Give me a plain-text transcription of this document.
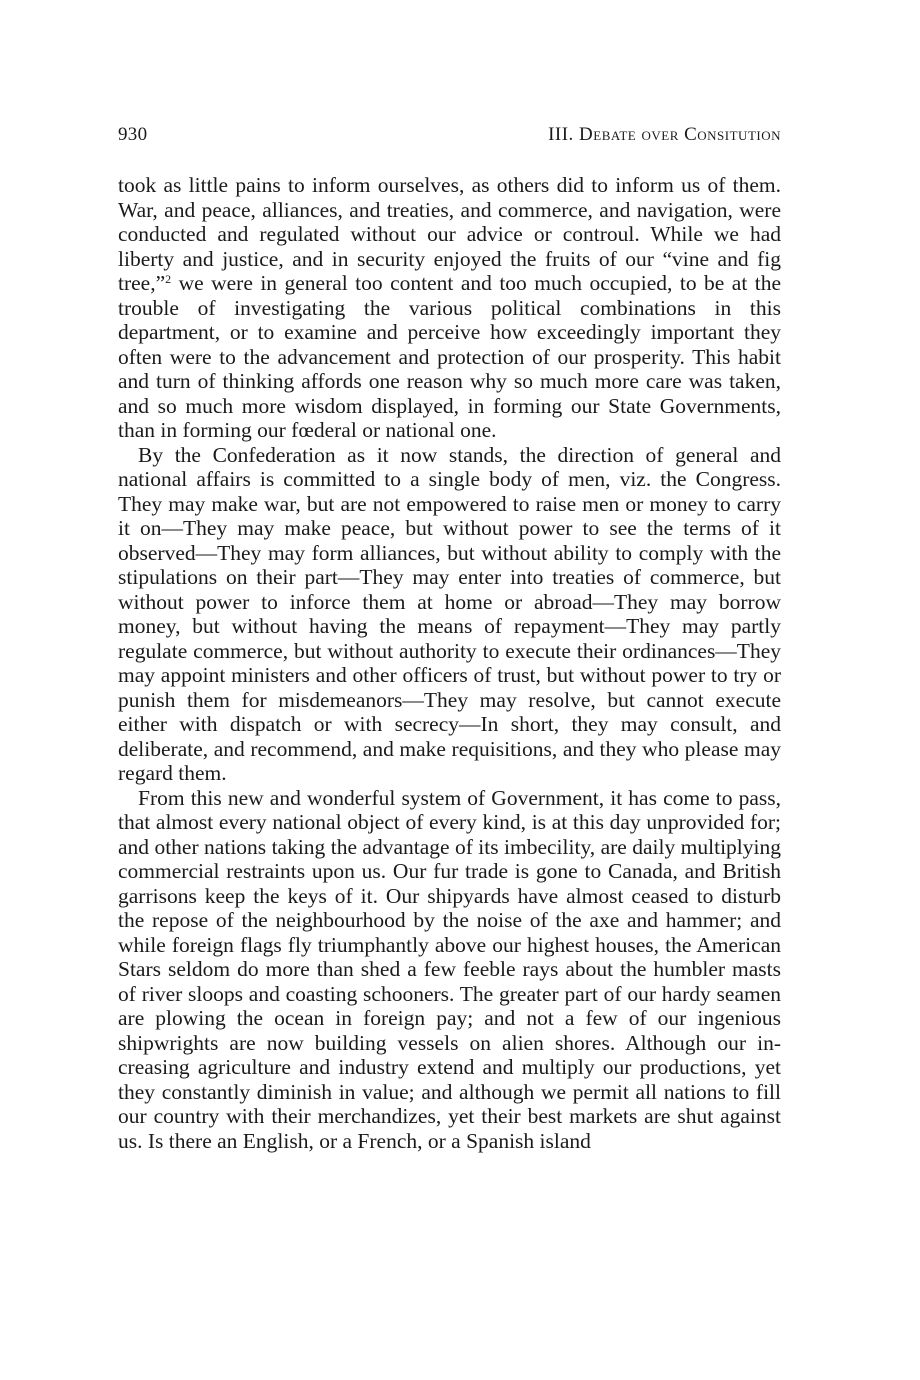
930	III. Debate over Consitution

took as little pains to inform ourselves, as others did to inform us of them. War, and peace, alliances, and treaties, and commerce, and navigation, were conducted and regulated without our advice or controul. While we had liberty and justice, and in security enjoyed the fruits of our “vine and fig tree,”$^2$ we were in general too content and too much occupied, to be at the trouble of investigating the various political combinations in this department, or to examine and perceive how exceedingly important they often were to the advancement and protection of our prosperity. This habit and turn of thinking affords one reason why so much more care was taken, and so much more wisdom displayed, in forming our State Governments, than in forming our fœderal or national one.

By the Confederation as it now stands, the direction of general and national affairs is committed to a single body of men, viz. the Congress. They may make war, but are not empowered to raise men or money to carry it on—They may make peace, but without power to see the terms of it observed—They may form alliances, but without ability to comply with the stipulations on their part—They may enter into treaties of commerce, but without power to inforce them at home or abroad—They may borrow money, but without having the means of repayment—They may partly regulate commerce, but without authority to execute their ordinances—They may appoint ministers and other officers of trust, but without power to try or punish them for misdemeanors—They may resolve, but cannot execute either with dispatch or with secrecy—In short, they may consult, and deliberate, and recommend, and make requisitions, and they who please may regard them.

From this new and wonderful system of Government, it has come to pass, that almost every national object of every kind, is at this day unprovided for; and other nations taking the advantage of its imbecility, are daily multiplying commercial restraints upon us. Our fur trade is gone to Canada, and British garrisons keep the keys of it. Our shipyards have almost ceased to disturb the repose of the neighbourhood by the noise of the axe and hammer; and while foreign flags fly triumphantly above our highest houses, the American Stars seldom do more than shed a few feeble rays about the humbler masts of river sloops and coasting schooners. The greater part of our hardy seamen are plowing the ocean in foreign pay; and not a few of our ingenious shipwrights are now building vessels on alien shores. Although our increasing agriculture and industry extend and multiply our productions, yet they constantly diminish in value; and although we permit all nations to fill our country with their merchandizes, yet their best markets are shut against us. Is there an English, or a French, or a Spanish island
